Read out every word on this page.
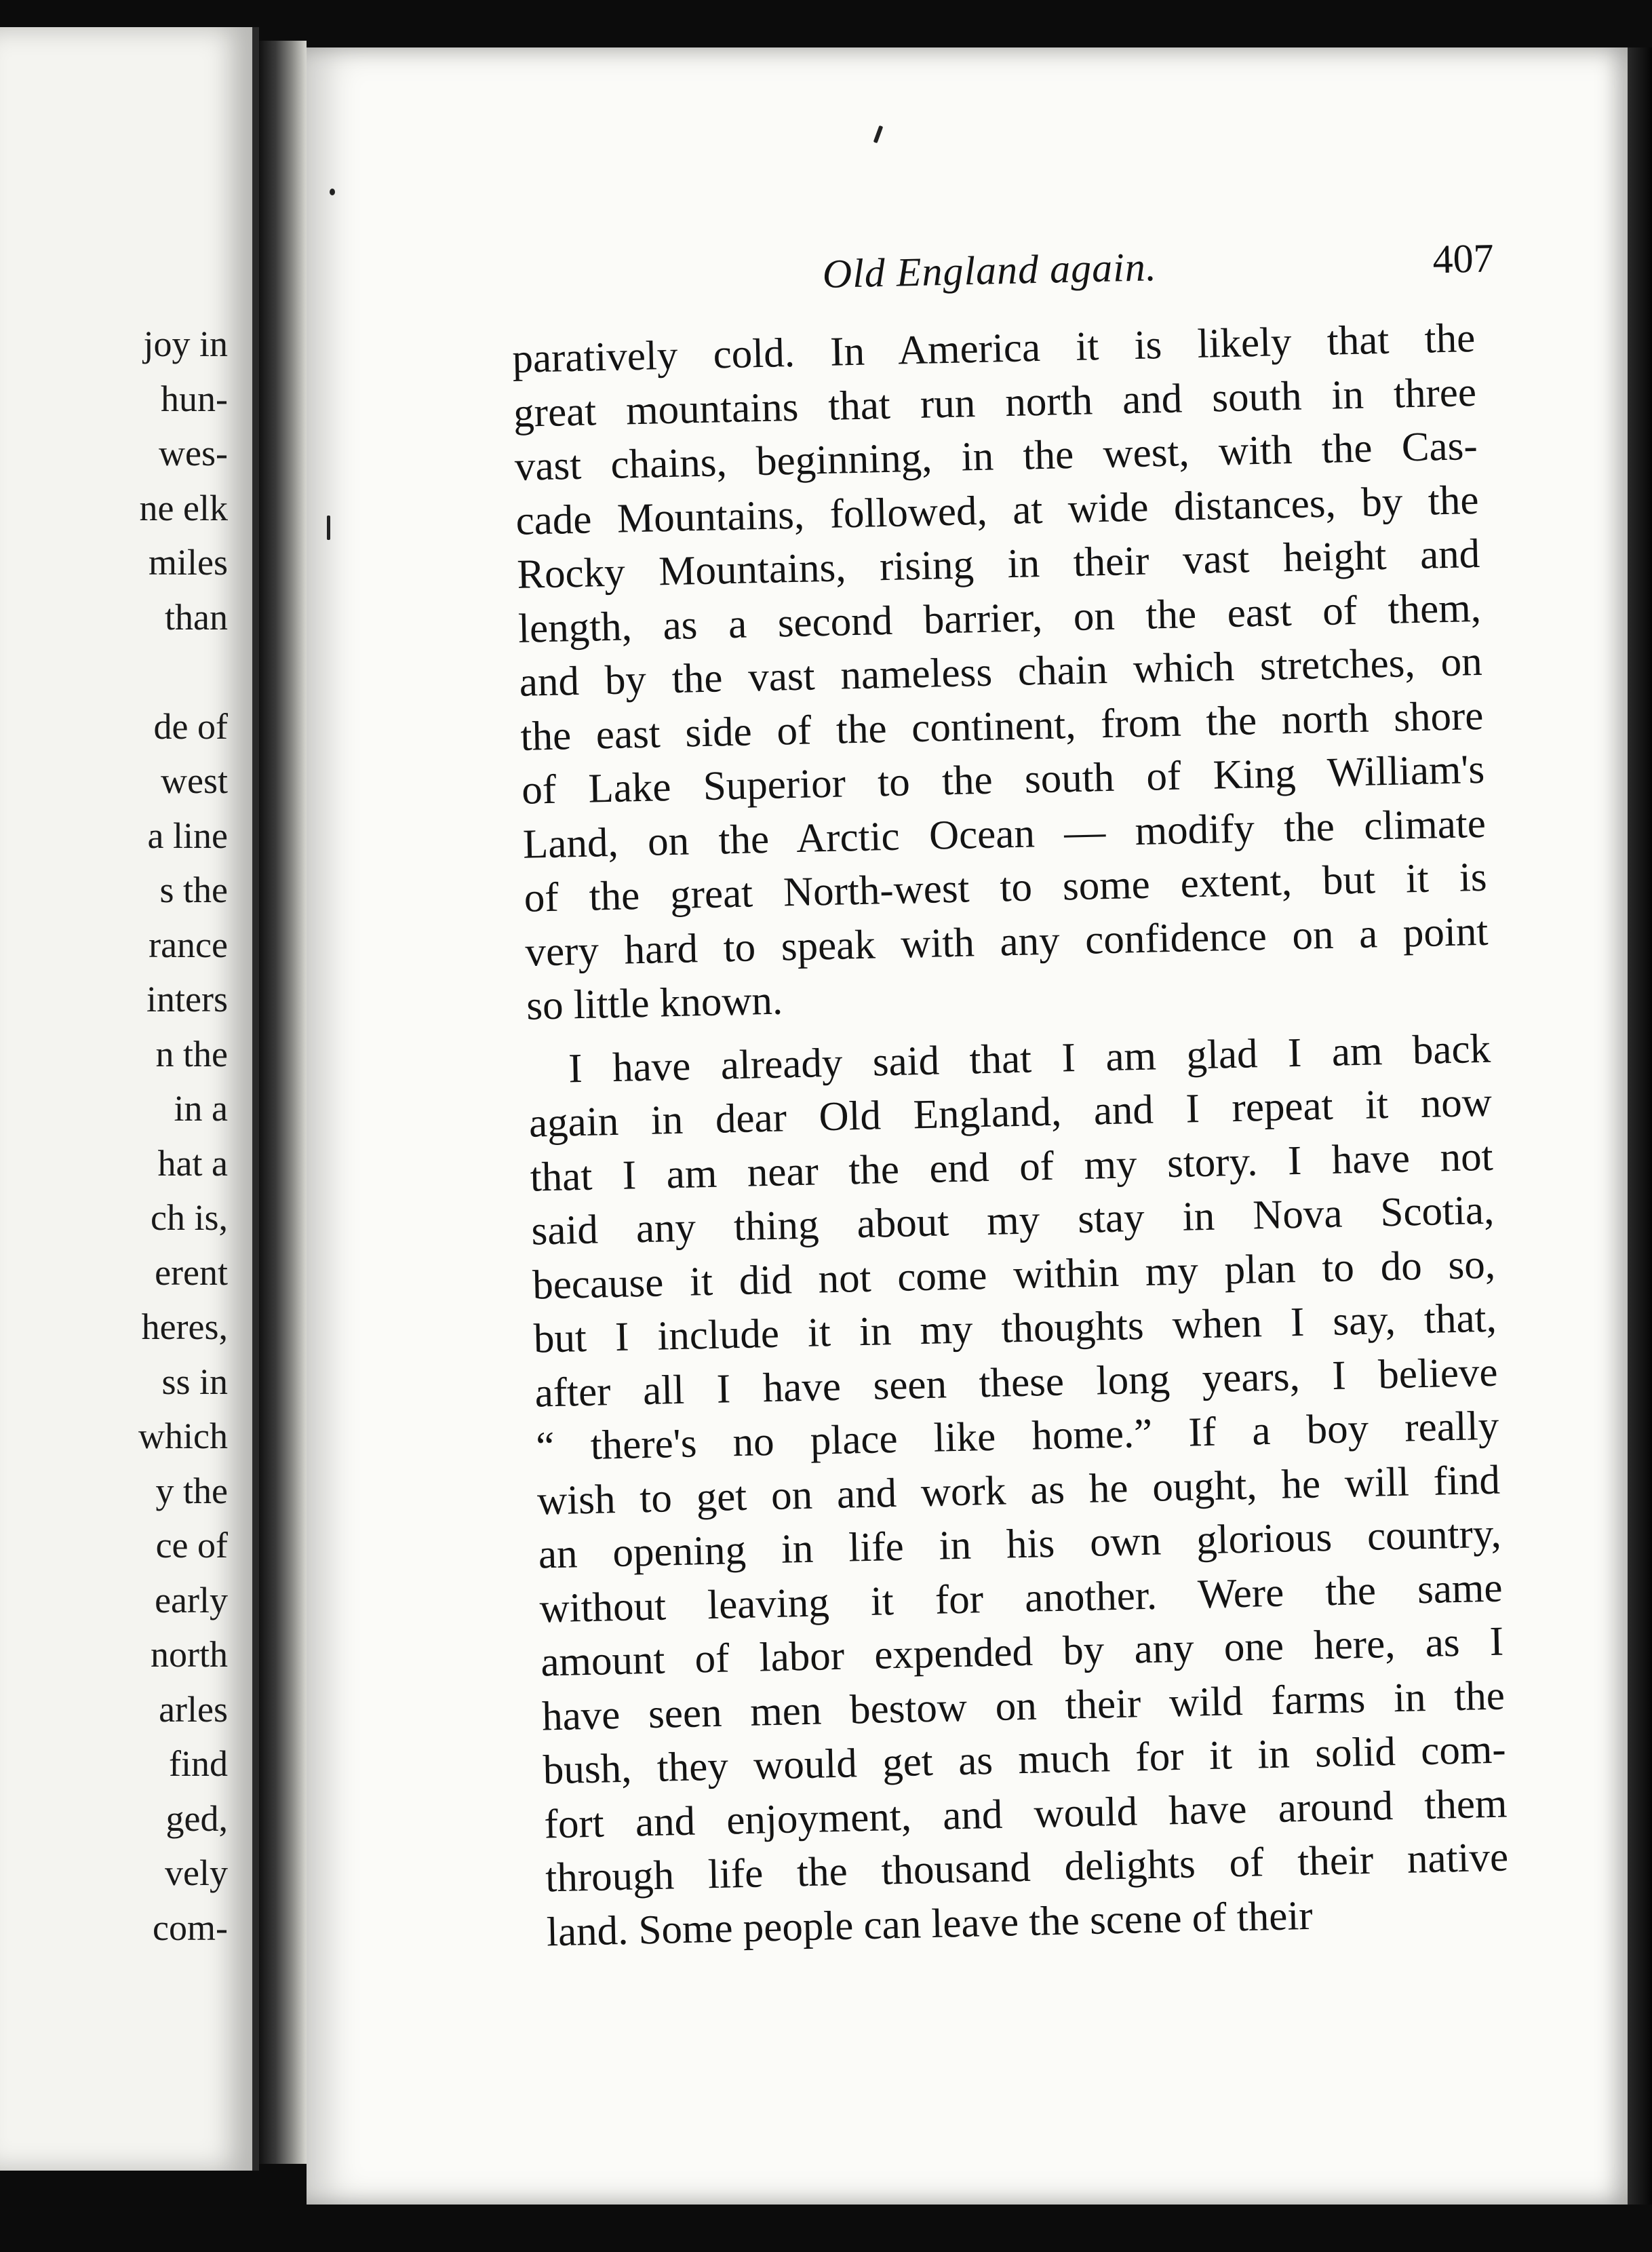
joy in
hun-
wes-
ne elk
miles
than
de of
west
a line
s the
rance
inters
n the
in a
hat a
ch is,
erent
heres,
ss in
which
y the
ce of
early
north
arles
find
ged,
vely
com-
Old England again.	407
paratively cold. In America it is likely that the
great mountains that run north and south in three
vast chains, beginning, in the west, with the Cas-
cade Mountains, followed, at wide distances, by the
Rocky Mountains, rising in their vast height and
length, as a second barrier, on the east of them,
and by the vast nameless chain which stretches, on
the east side of the continent, from the north shore
of Lake Superior to the south of King William's
Land, on the Arctic Ocean — modify the climate
of the great North-west to some extent, but it is
very hard to speak with any confidence on a point
so little known.
I have already said that I am glad I am back
again in dear Old England, and I repeat it now
that I am near the end of my story. I have not
said any thing about my stay in Nova Scotia,
because it did not come within my plan to do so,
but I include it in my thoughts when I say, that,
after all I have seen these long years, I believe
“ there's no place like home.” If a boy really
wish to get on and work as he ought, he will find
an opening in life in his own glorious country,
without leaving it for another. Were the same
amount of labor expended by any one here, as I
have seen men bestow on their wild farms in the
bush, they would get as much for it in solid com-
fort and enjoyment, and would have around them
through life the thousand delights of their native
land. Some people can leave the scene of their
